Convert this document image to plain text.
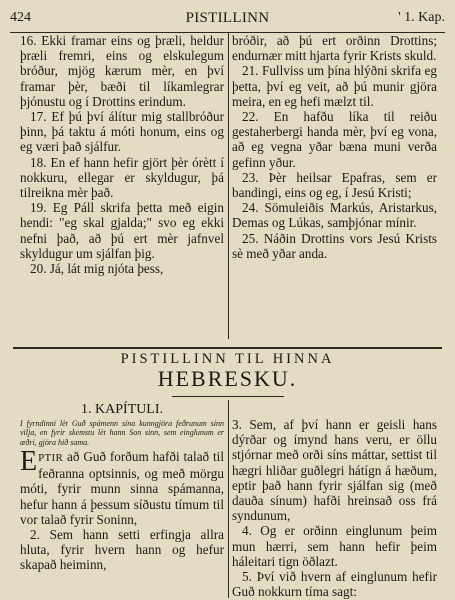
424	PISTILLINN	' 1. Kap.

16. Ekki framar eins og þræli, heldur þræli fremri, eins og elskulegum bróður, mjög kærum mèr, en því framar þèr, bæði til líkamlegrar þjónustu og í Drottins erindum.

17. Ef þú því álítur mig stallbróður þinn, þá taktu á móti honum, eins og eg væri það sjálfur.

18. En ef hann hefir gjört þèr órètt í nokkuru, ellegar er skyldugur, þá tilreikna mèr það.

19. Eg Páll skrifa þetta með eigin hendi: "eg skal gjalda;" svo eg ekki nefni það, að þú ert mèr jafnvel skyldugur um sjálfan þig.

20. Já, lát mig njóta þess,

bróðir, að þú ert orðinn Drottins; endurnær mitt hjarta fyrir Krists skuld.

21. Fullviss um þína hlýðni skrifa eg þetta, því eg veit, að þú munir gjöra meira, en eg hefi mælzt til.

22. En hafðu líka til reiðu gestaherbergi handa mèr, því eg vona, að eg vegna yðar bæna muni verða gefinn yður.

23. Þèr heilsar Epafras, sem er bandingi, eins og eg, í Jesú Kristi;

24. Sömuleiðis Markús, Aristarkus, Demas og Lúkas, samþjónar mínir.

25. Náðin Drottins vors Jesú Krists sè með yðar anda.

PISTILLINN TIL HINNA
HEBRESKU.

1. KAPÍTULI.

I fyrndinni lèt Guð spámenn sína kunngjöra feðrunum sinn vilja, en fyrir skemstu lèt hann Son sinn, sem einglunum er æðri, gjöra hið sama.

EPTIR að Guð forðum hafði talað til feðranna optsinnis, og með mörgu móti, fyrir munn sinna spámanna, hefur hann á þessum síðustu tímum til vor talað fyrir Soninn,

2. Sem hann setti erfingja allra hluta, fyrir hvern hann og hefur skapað heiminn,

3. Sem, af því hann er geisli hans dýrðar og ímynd hans veru, er öllu stjórnar með orði síns máttar, settist til hægri hliðar guðlegri hátígn á hæðum, eptir það hann fyrir sjálfan sig (með dauða sínum) hafði hreinsað oss frá syndunum,

4. Og er orðinn einglunum þeim mun hærri, sem hann hefir þeim háleitari tign öðlazt.

5. Því við hvern af einglunum hefir Guð nokkurn tíma sagt:
